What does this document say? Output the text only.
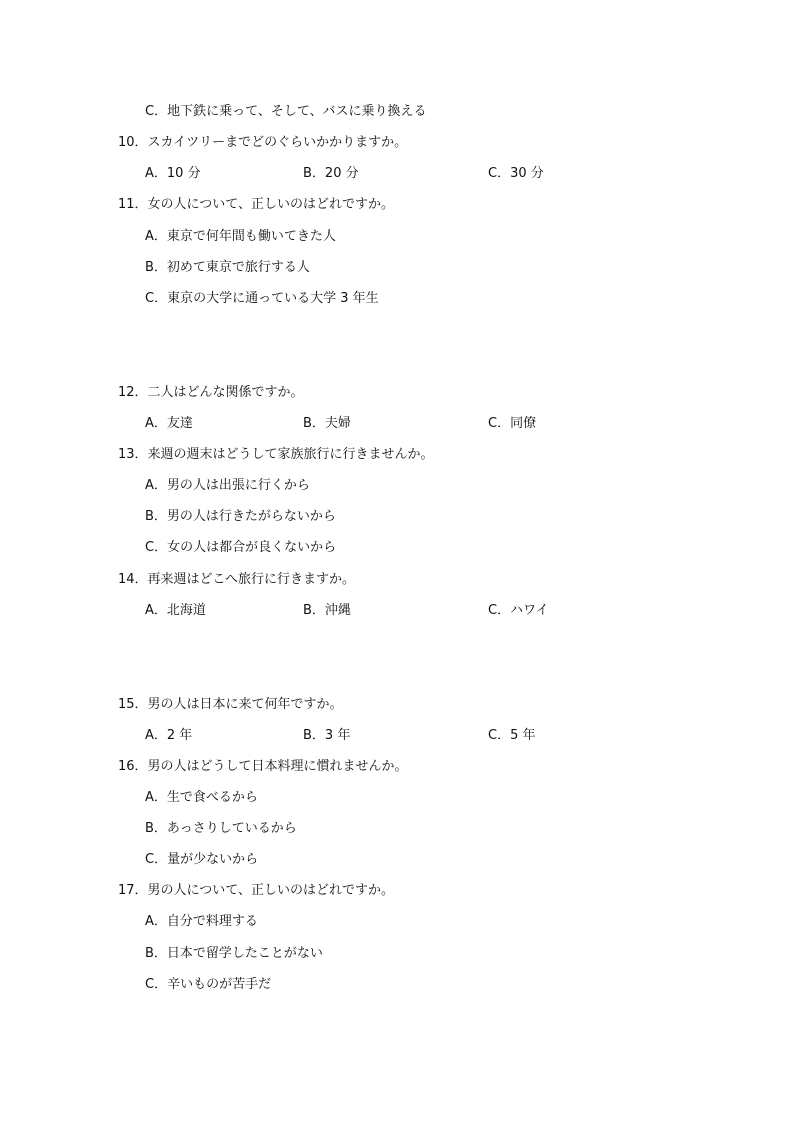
C．地下鉄に乗って、そして、バスに乗り換える
10．スカイツリーまでどのぐらいかかりますか。
A．10 分	B．20 分	C．30 分
11．女の人について、正しいのはどれですか。
A．東京で何年間も働いてきた人
B．初めて東京で旅行する人
C．東京の大学に通っている大学 3 年生
12．二人はどんな関係ですか。
A．友達	B．夫婦	C．同僚
13．来週の週末はどうして家族旅行に行きませんか。
A．男の人は出張に行くから
B．男の人は行きたがらないから
C．女の人は都合が良くないから
14．再来週はどこへ旅行に行きますか。
A．北海道	B．沖縄	C．ハワイ
15．男の人は日本に来て何年ですか。
A．2 年	B．3 年	C．5 年
16．男の人はどうして日本料理に慣れませんか。
A．生で食べるから
B．あっさりしているから
C．量が少ないから
17．男の人について、正しいのはどれですか。
A．自分で料理する
B．日本で留学したことがない
C．辛いものが苦手だ
